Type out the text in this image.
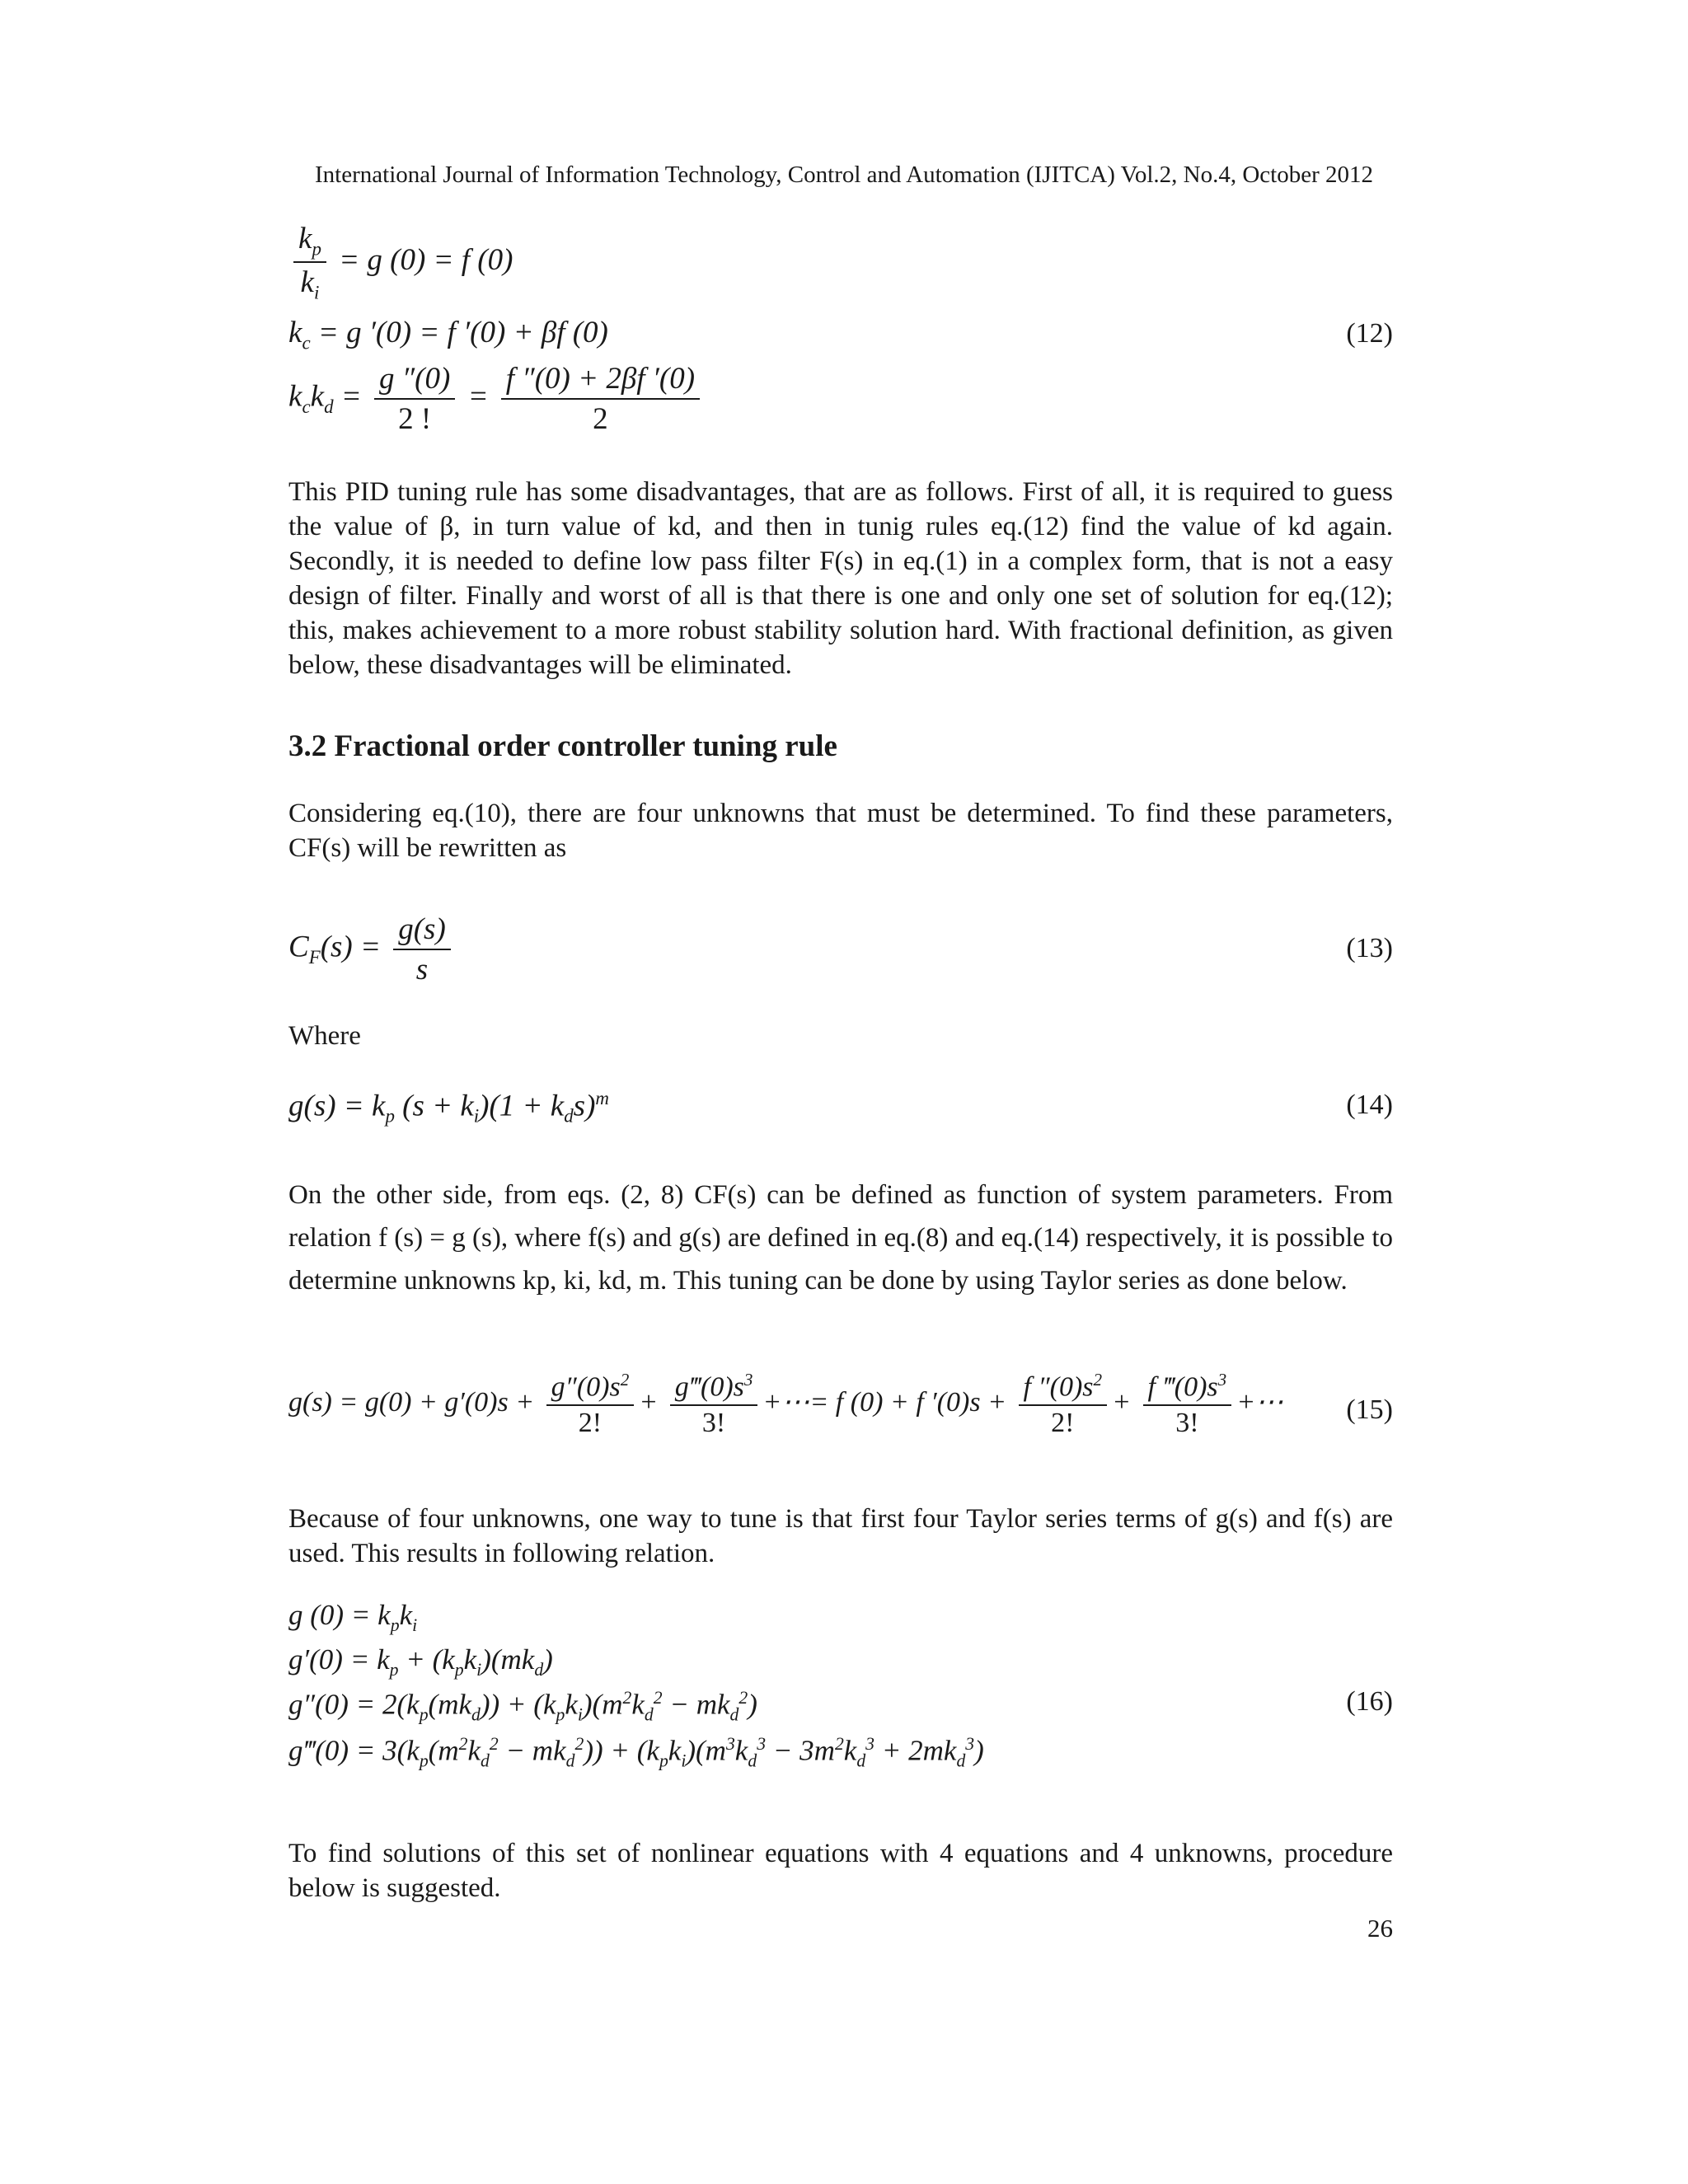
International Journal of Information Technology, Control and Automation (IJITCA) Vol.2, No.4, October 2012
$\frac{k_p}{k_i} = g$ (0) = f (0)
$k_c = g$ ′(0) = f ′(0) + βf (0)
$k_ck_d = \frac{g ''(0)}{2 !} = \frac{f ''(0) + 2\beta f '(0)}{2}$
(12)

This PID tuning rule has some disadvantages, that are as follows. First of all, it is required to guess the value of β, in turn value of kd, and then in tunig rules eq.(12) find the value of kd again. Secondly, it is needed to define low pass filter F(s) in eq.(1) in a complex form, that is not a easy design of filter. Finally and worst of all is that there is one and only one set of solution for eq.(12); this, makes achievement to a more robust stability solution hard. With fractional definition, as given below, these disadvantages will be eliminated.

3.2 Fractional order controller tuning rule

Considering eq.(10), there are four unknowns that must be determined. To find these parameters, CF(s) will be rewritten as

$C_F(s) = \frac{g(s)}{s}$	(13)

Where

$g(s) = k_p$ $(s + k_i)(1 + k_ds)^m$	(14)

On the other side, from eqs. (2, 8) CF(s) can be defined as function of system parameters. From relation f (s) = g (s), where f(s) and g(s) are defined in eq.(8) and eq.(14) respectively, it is possible to determine unknowns kp, ki, kd, m. This tuning can be done by using Taylor series as done below.

$g(s) = g(0) + g'(0)s + \frac{g''(0)s^2}{2!} + \frac{g‴(0)s^3}{3!}$ +⋯= f (0) + f $'(0)s + \frac{f ''(0)s^2}{2!} + \frac{f ‴(0)s^3}{3!}$ +⋯ (15)

Because of four unknowns, one way to tune is that first four Taylor series terms of g(s) and f(s) are used. This results in following relation.

g $(0) = k_pk_i$
$g'(0) = k_p + (k_pk_i)(mk_d)$
$g''(0) = 2(k_p(mk_d)) + (k_pk_i)(m^2k_d^2 - mk_d^2)$
g‴(0) = $3(k_p(m^2k_d^2 - mk_d^2)) + (k_pk_i)(m^3k_d^3 - 3m^2k_d^3 + 2mk_d^3)$
(16)

To find solutions of this set of nonlinear equations with 4 equations and 4 unknowns, procedure below is suggested.

26
